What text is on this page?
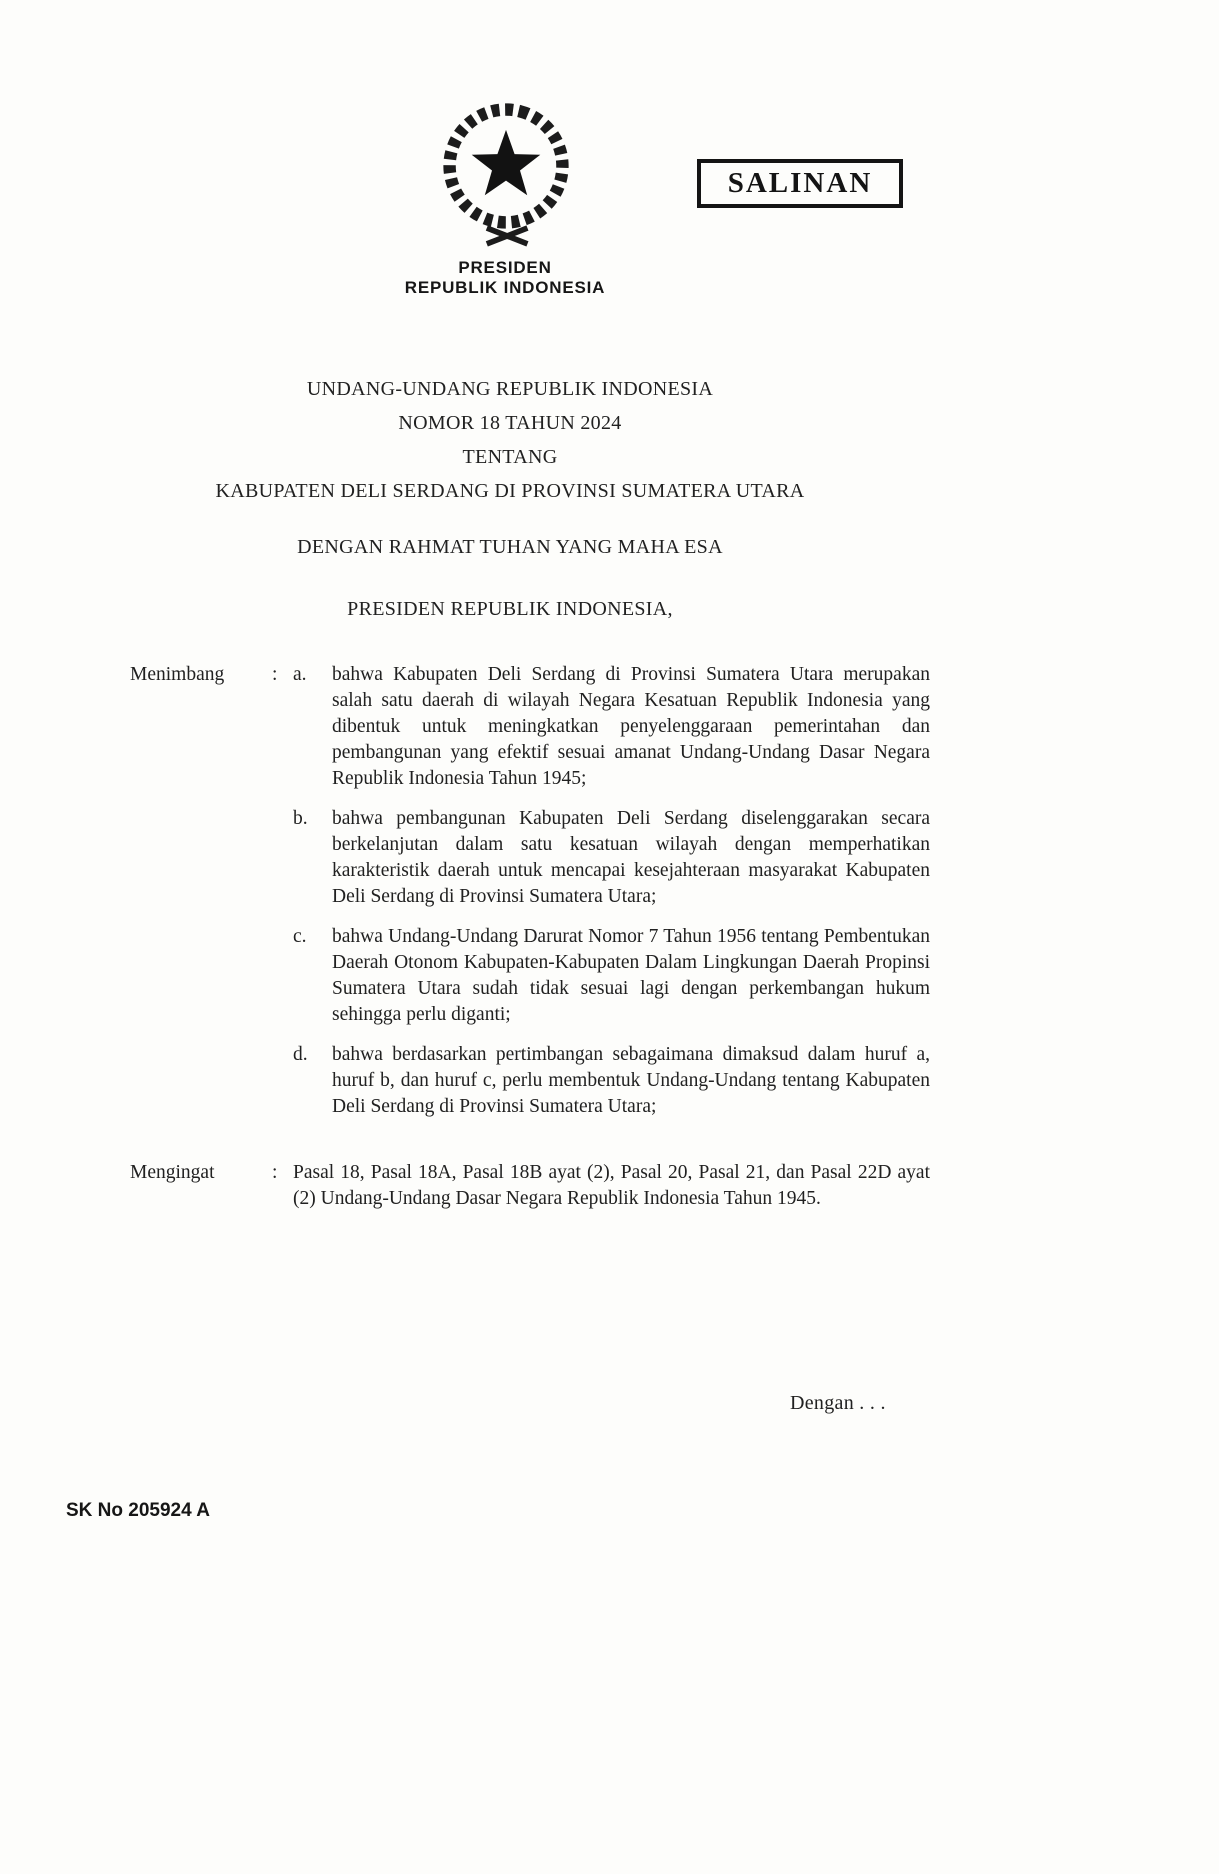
SALINAN
PRESIDEN
REPUBLIK INDONESIA
UNDANG-UNDANG REPUBLIK INDONESIA
NOMOR 18 TAHUN 2024
TENTANG
KABUPATEN DELI SERDANG DI PROVINSI SUMATERA UTARA
DENGAN RAHMAT TUHAN YANG MAHA ESA
PRESIDEN REPUBLIK INDONESIA,
Menimbang	: a.	bahwa Kabupaten Deli Serdang di Provinsi Sumatera Utara merupakan salah satu daerah di wilayah Negara Kesatuan Republik Indonesia yang dibentuk untuk meningkatkan penyelenggaraan pemerintahan dan pembangunan yang efektif sesuai amanat Undang-Undang Dasar Negara Republik Indonesia Tahun 1945;
b.	bahwa pembangunan Kabupaten Deli Serdang diselenggarakan secara berkelanjutan dalam satu kesatuan wilayah dengan memperhatikan karakteristik daerah untuk mencapai kesejahteraan masyarakat Kabupaten Deli Serdang di Provinsi Sumatera Utara;
c.	bahwa Undang-Undang Darurat Nomor 7 Tahun 1956 tentang Pembentukan Daerah Otonom Kabupaten-Kabupaten Dalam Lingkungan Daerah Propinsi Sumatera Utara sudah tidak sesuai lagi dengan perkembangan hukum sehingga perlu diganti;
d.	bahwa berdasarkan pertimbangan sebagaimana dimaksud dalam huruf a, huruf b, dan huruf c, perlu membentuk Undang-Undang tentang Kabupaten Deli Serdang di Provinsi Sumatera Utara;
Mengingat	: Pasal 18, Pasal 18A, Pasal 18B ayat (2), Pasal 20, Pasal 21, dan Pasal 22D ayat (2) Undang-Undang Dasar Negara Republik Indonesia Tahun 1945.
Dengan . . .
SK No 205924 A
